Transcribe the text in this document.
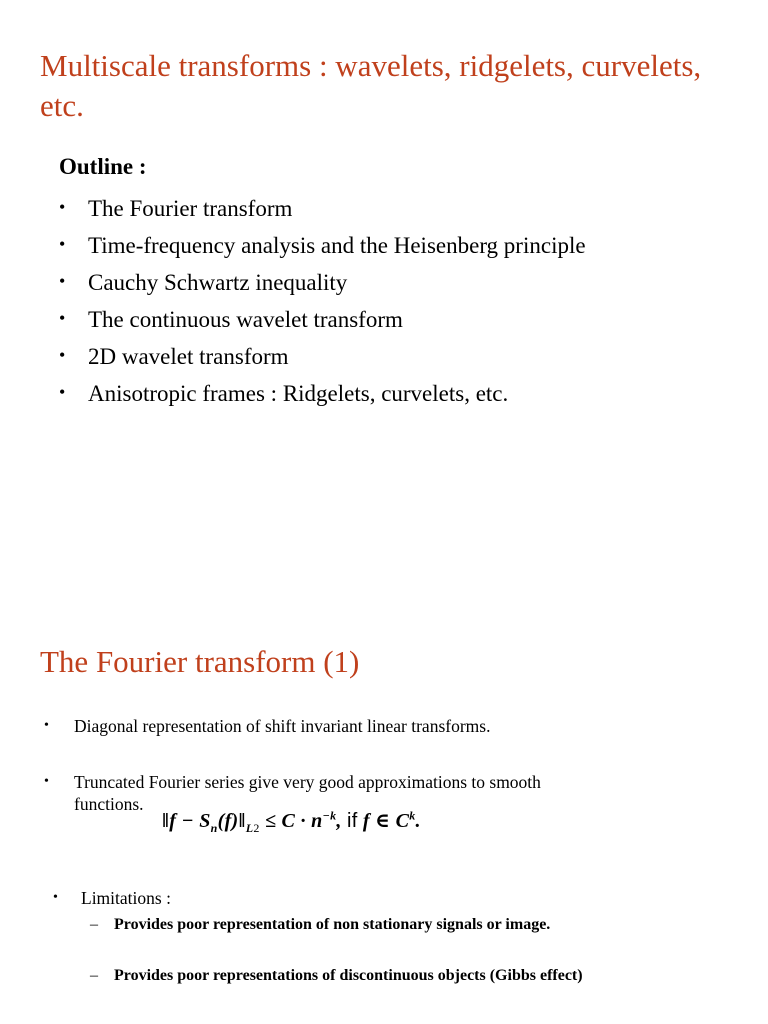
Multiscale transforms : wavelets, ridgelets, curvelets, etc.
Outline :
• The Fourier transform
• Time-frequency analysis and the Heisenberg principle
• Cauchy Schwartz inequality
• The continuous wavelet transform
• 2D wavelet transform
• Anisotropic frames : Ridgelets, curvelets, etc.
The Fourier transform (1)
• Diagonal representation of shift invariant linear transforms.
• Truncated Fourier series give very good approximations to smooth
functions.
‖f − $S_n(f)‖_{L2} \le C \cdot n^{-k}$, if f ∈ $C^k$.
• Limitations :
– Provides poor representation of non stationary signals or image.
– Provides poor representations of discontinuous objects (Gibbs effect)
